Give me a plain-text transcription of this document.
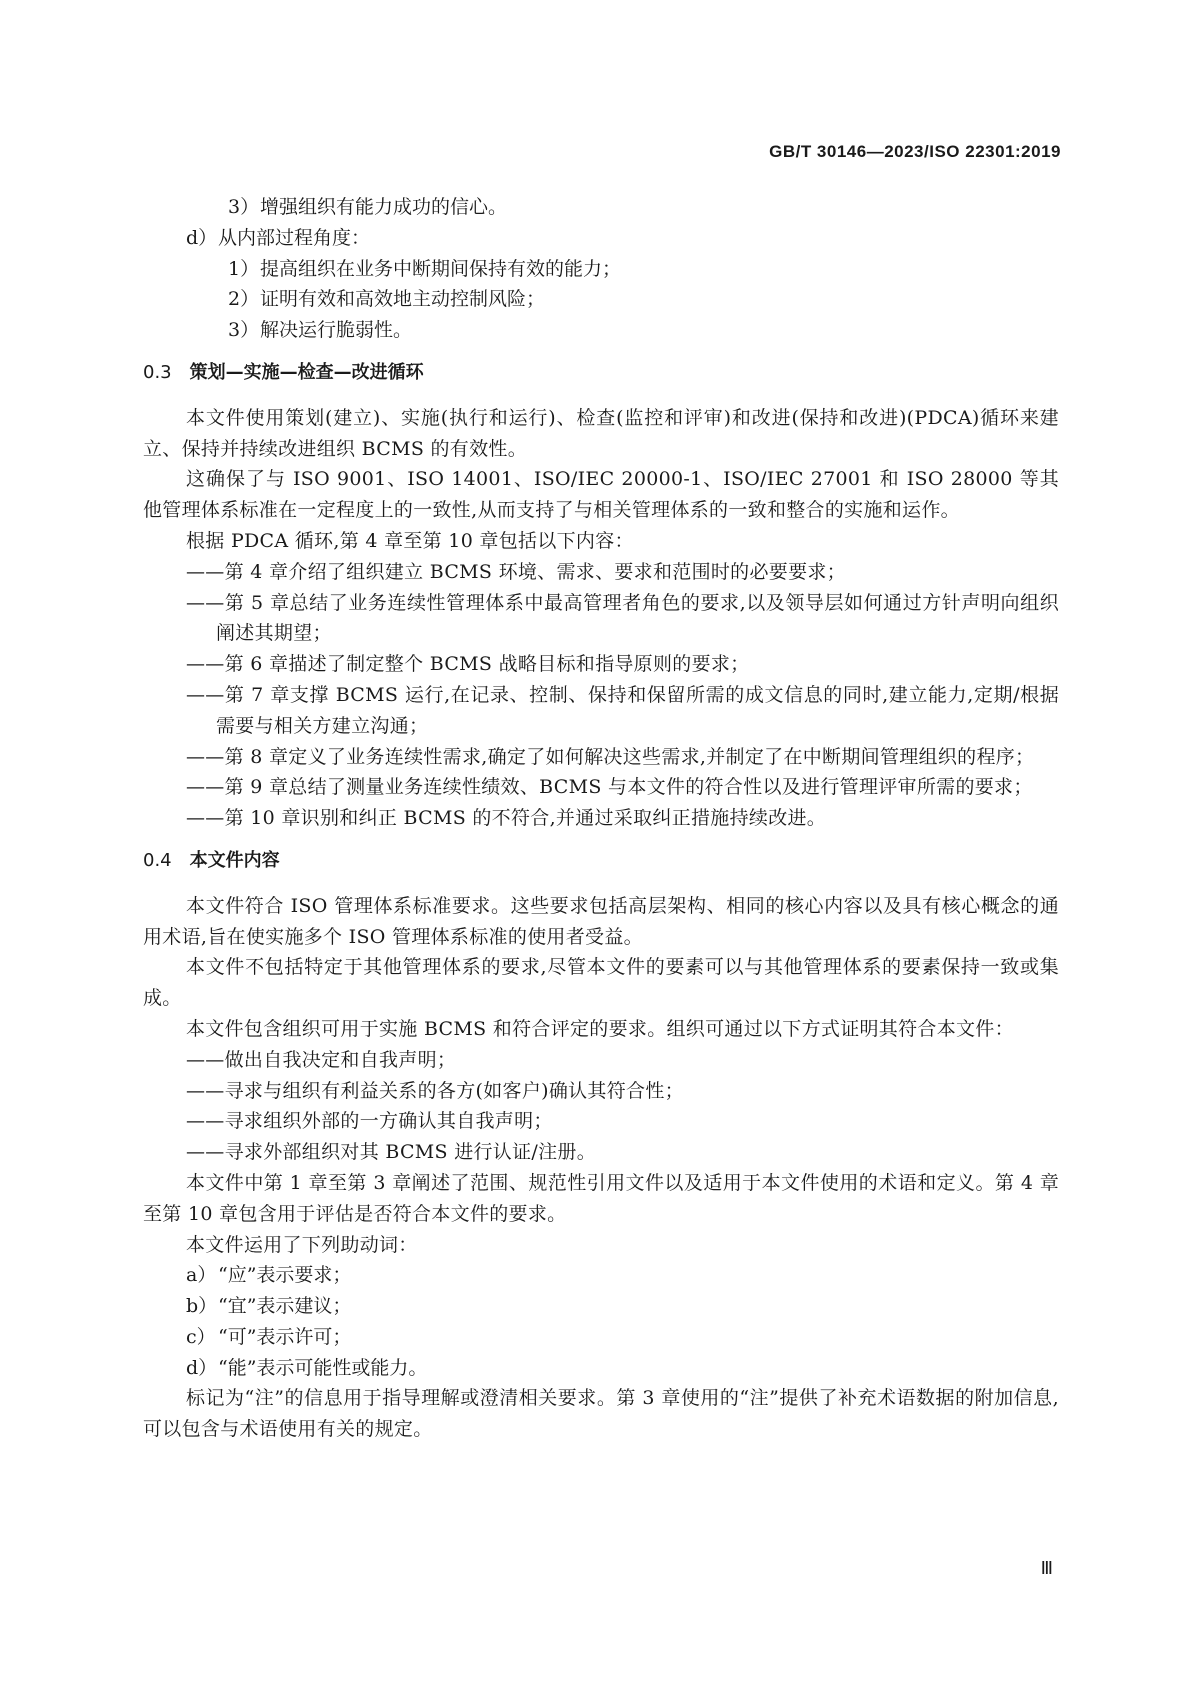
GB/T 30146—2023/ISO 22301:2019
3）增强组织有能力成功的信心。
d）从内部过程角度：
1）提高组织在业务中断期间保持有效的能力；
2）证明有效和高效地主动控制风险；
3）解决运行脆弱性。
0.3 策划—实施—检查—改进循环
本文件使用策划(建立)、实施(执行和运行)、检查(监控和评审)和改进(保持和改进)(PDCA)循环来建立、保持并持续改进组织 BCMS 的有效性。
这确保了与 ISO 9001、ISO 14001、ISO/IEC 20000-1、ISO/IEC 27001 和 ISO 28000 等其他管理体系标准在一定程度上的一致性,从而支持了与相关管理体系的一致和整合的实施和运作。
根据 PDCA 循环,第 4 章至第 10 章包括以下内容：
——第 4 章介绍了组织建立 BCMS 环境、需求、要求和范围时的必要要求；
——第 5 章总结了业务连续性管理体系中最高管理者角色的要求,以及领导层如何通过方针声明向组织阐述其期望；
——第 6 章描述了制定整个 BCMS 战略目标和指导原则的要求；
——第 7 章支撑 BCMS 运行,在记录、控制、保持和保留所需的成文信息的同时,建立能力,定期/根据需要与相关方建立沟通；
——第 8 章定义了业务连续性需求,确定了如何解决这些需求,并制定了在中断期间管理组织的程序；
——第 9 章总结了测量业务连续性绩效、BCMS 与本文件的符合性以及进行管理评审所需的要求；
——第 10 章识别和纠正 BCMS 的不符合,并通过采取纠正措施持续改进。
0.4 本文件内容
本文件符合 ISO 管理体系标准要求。这些要求包括高层架构、相同的核心内容以及具有核心概念的通用术语,旨在使实施多个 ISO 管理体系标准的使用者受益。
本文件不包括特定于其他管理体系的要求,尽管本文件的要素可以与其他管理体系的要素保持一致或集成。
本文件包含组织可用于实施 BCMS 和符合评定的要求。组织可通过以下方式证明其符合本文件：
——做出自我决定和自我声明；
——寻求与组织有利益关系的各方(如客户)确认其符合性；
——寻求组织外部的一方确认其自我声明；
——寻求外部组织对其 BCMS 进行认证/注册。
本文件中第 1 章至第 3 章阐述了范围、规范性引用文件以及适用于本文件使用的术语和定义。第 4 章至第 10 章包含用于评估是否符合本文件的要求。
本文件运用了下列助动词：
a）“应”表示要求；
b）“宜”表示建议；
c） “可”表示许可；
d）“能”表示可能性或能力。
标记为“注”的信息用于指导理解或澄清相关要求。第 3 章使用的“注”提供了补充术语数据的附加信息,可以包含与术语使用有关的规定。
Ⅲ
